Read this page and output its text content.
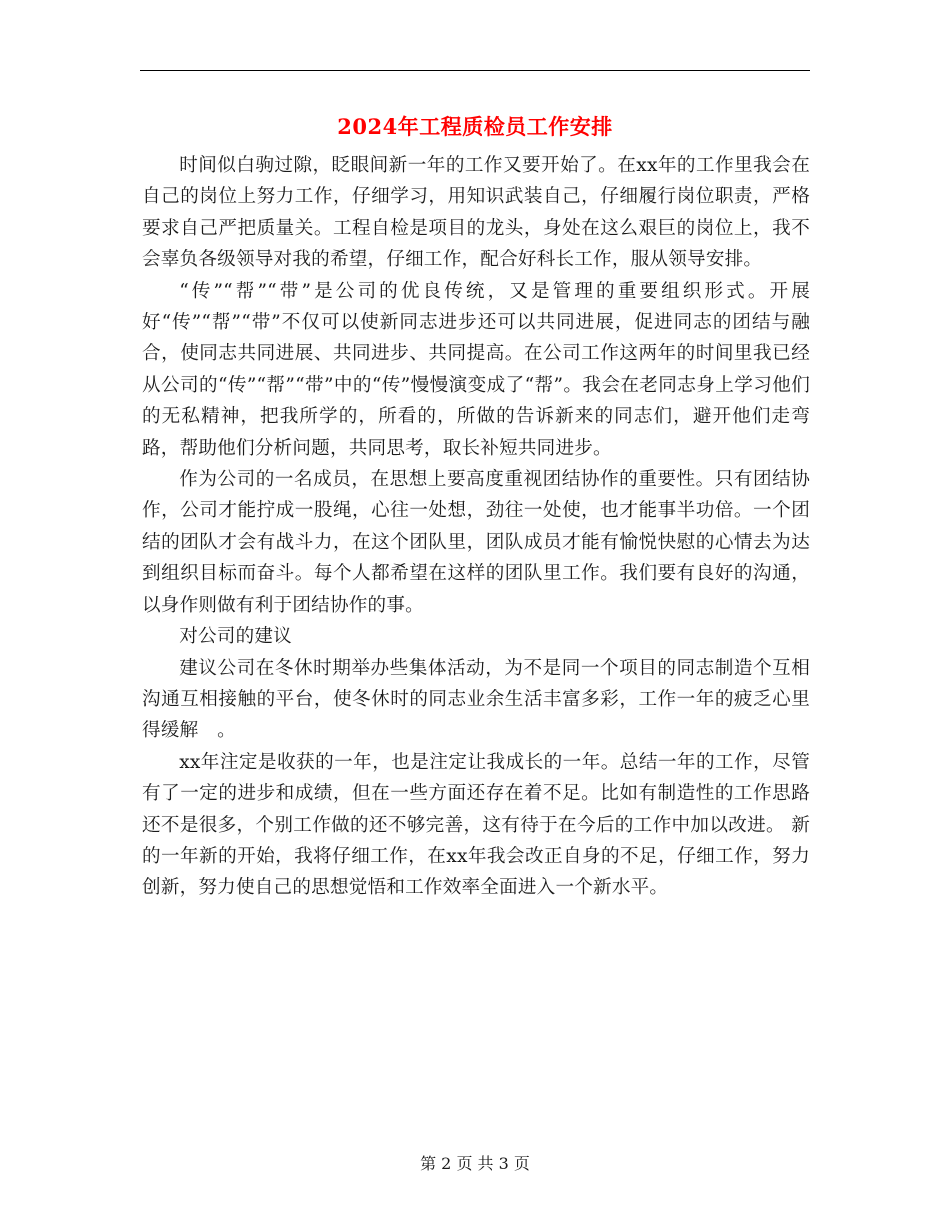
2024年工程质检员工作安排

时间似白驹过隙，眨眼间新一年的工作又要开始了。在xx年的工作里我会在自己的岗位上努力工作，仔细学习，用知识武装自己，仔细履行岗位职责，严格要求自己严把质量关。工程自检是项目的龙头，身处在这么艰巨的岗位上，我不会辜负各级领导对我的希望，仔细工作，配合好科长工作，服从领导安排。

“传”“帮”“带”是公司的优良传统，又是管理的重要组织形式。开展好“传”“帮”“带”不仅可以使新同志进步还可以共同进展，促进同志的团结与融合，使同志共同进展、共同进步、共同提高。在公司工作这两年的时间里我已经从公司的“传”“帮”“带”中的“传”慢慢演变成了“帮”。我会在老同志身上学习他们的无私精神，把我所学的，所看的，所做的告诉新来的同志们，避开他们走弯路，帮助他们分析问题，共同思考，取长补短共同进步。

作为公司的一名成员，在思想上要高度重视团结协作的重要性。只有团结协作，公司才能拧成一股绳，心往一处想，劲往一处使，也才能事半功倍。一个团结的团队才会有战斗力，在这个团队里，团队成员才能有愉悦快慰的心情去为达到组织目标而奋斗。每个人都希望在这样的团队里工作。我们要有良好的沟通，以身作则做有利于团结协作的事。

对公司的建议

建议公司在冬休时期举办些集体活动，为不是同一个项目的同志制造个互相沟通互相接触的平台，使冬休时的同志业余生活丰富多彩，工作一年的疲乏心里得缓解　。

xx年注定是收获的一年，也是注定让我成长的一年。总结一年的工作，尽管有了一定的进步和成绩，但在一些方面还存在着不足。比如有制造性的工作思路还不是很多，个别工作做的还不够完善，这有待于在今后的工作中加以改进。 新的一年新的开始，我将仔细工作，在xx年我会改正自身的不足，仔细工作，努力创新，努力使自己的思想觉悟和工作效率全面进入一个新水平。

第 2 页 共 3 页
